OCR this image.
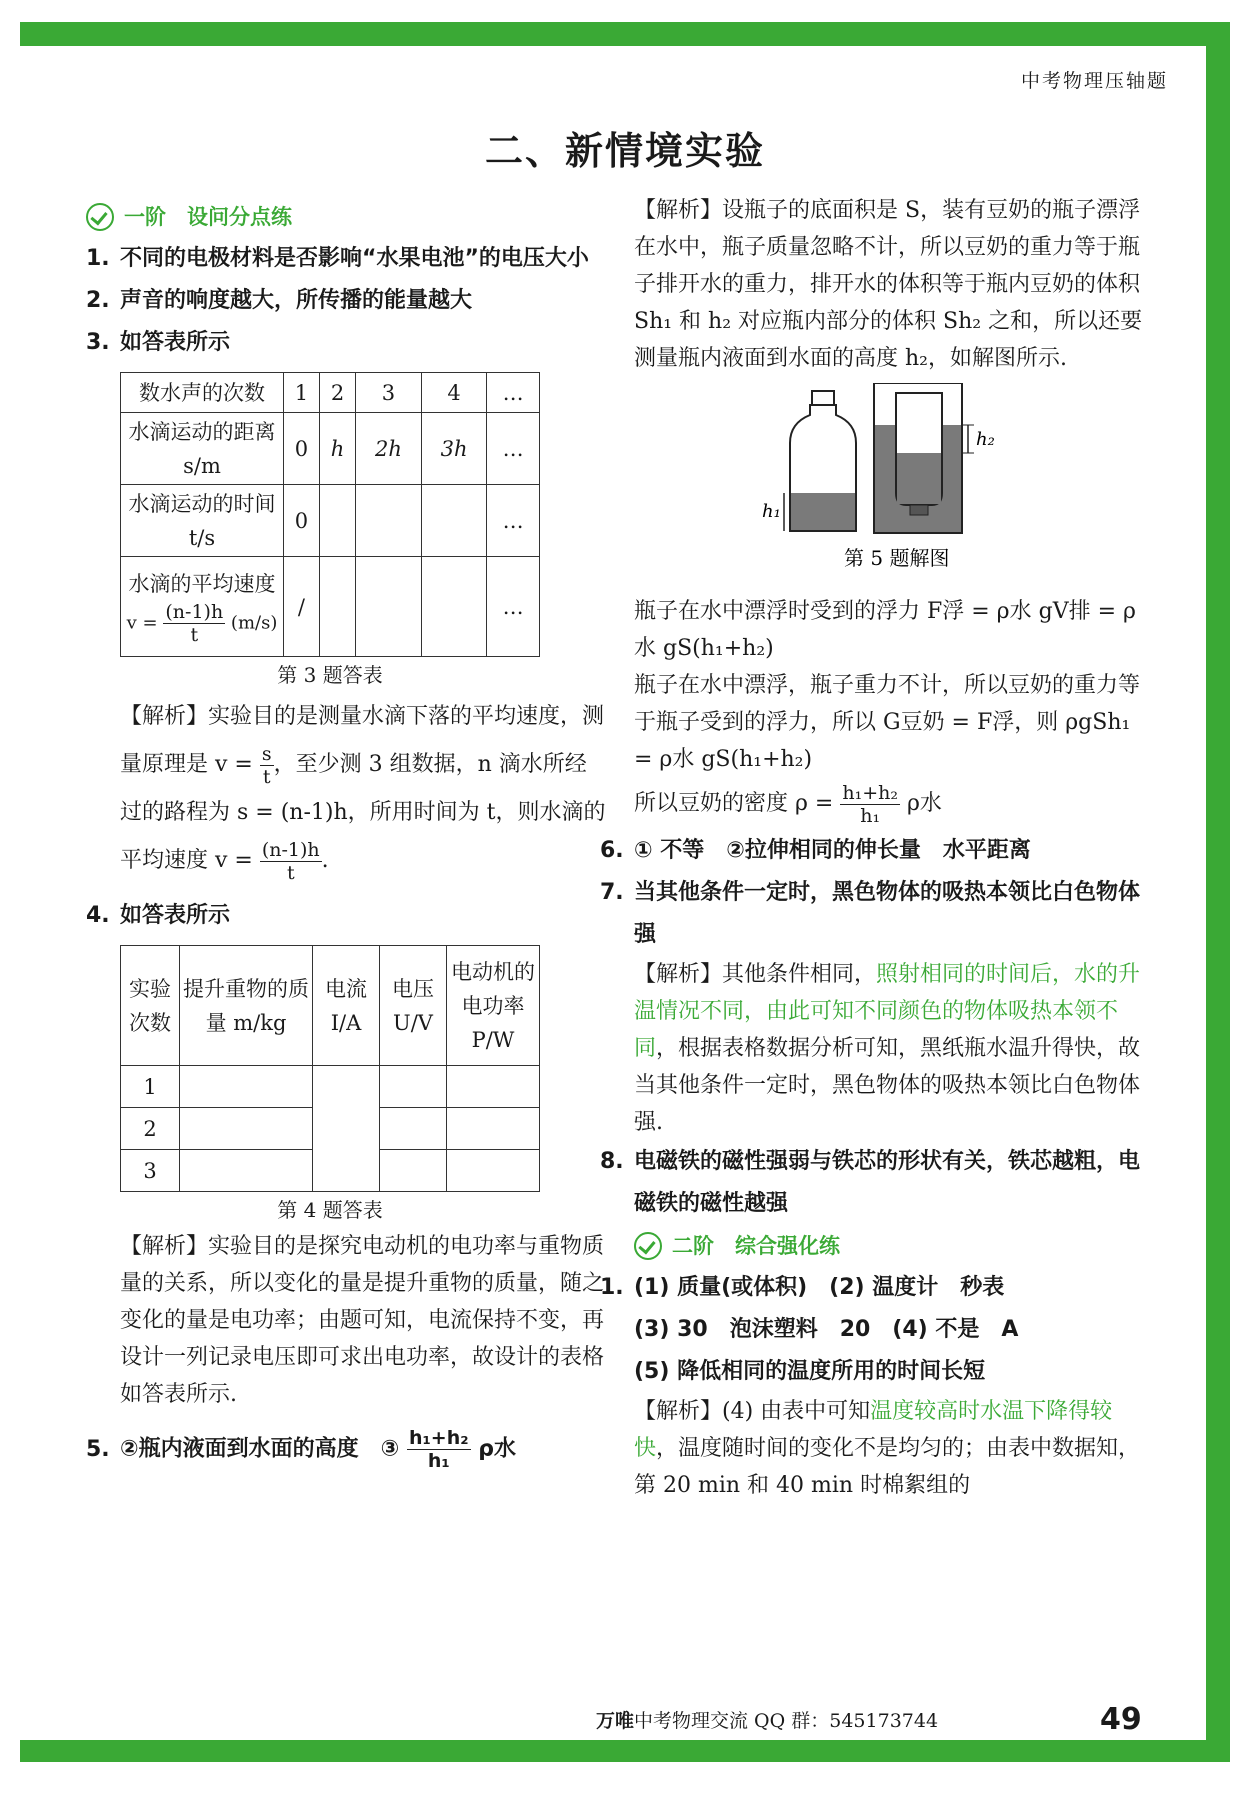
中考物理压轴题
二、新情境实验
一阶　设问分点练
1. 不同的电极材料是否影响“水果电池”的电压大小
2. 声音的响度越大，所传播的能量越大
3. 如答表所示
数水声的次数	1	2	3	4	…
水滴运动的距离 s/m	0	h	2h	3h	…
水滴运动的时间 t/s	0				…

水滴的平均速度
$v = \frac{(n-1)h}{t} (m/s)$	/				…
第 3 题答表
【解析】实验目的是测量水滴下落的平均速度，测量原理是 $v = \frac{s}{t}$ ，至少测 3 组数据，n 滴水所经过的路程为 s = (n-1)h，所用时间为 t，则水滴的平均速度 $v = \frac{(n-1)h}{t}$ .
4. 如答表所示
实验次数	提升重物的质量 m/kg	电流 I/A	电压 U/V	电动机的电功率 P/W
1				
2				
3				
第 4 题答表
【解析】实验目的是探究电动机的电功率与重物质量的关系，所以变化的量是提升重物的质量，随之变化的量是电功率；由题可知，电流保持不变，再设计一列记录电压即可求出电功率，故设计的表格如答表所示.
5. ②瓶内液面到水面的高度　③ $\frac{\text{h₁+h₂}}{\text{h₁}}$ ρ水
【解析】设瓶子的底面积是 S，装有豆奶的瓶子漂浮在水中，瓶子质量忽略不计，所以豆奶的重力等于瓶子排开水的重力，排开水的体积等于瓶内豆奶的体积 Sh₁ 和 h₂ 对应瓶内部分的体积 Sh₂ 之和，所以还要测量瓶内液面到水面的高度 h₂，如解图所示.
h₁
h₂
第 5 题解图
瓶子在水中漂浮时受到的浮力 F浮 = ρ水 gV排 = ρ水 gS(h₁+h₂)
瓶子在水中漂浮，瓶子重力不计，所以豆奶的重力等于瓶子受到的浮力，所以 G豆奶 = F浮，则 ρgSh₁ = ρ水 gS(h₁+h₂)
所以豆奶的密度 $\rho = \frac{\text{h₁+h₂}}{\text{h₁}}$ ρ水
6. ① 不等　②拉伸相同的伸长量　水平距离
7. 当其他条件一定时，黑色物体的吸热本领比白色物体强
【解析】其他条件相同，照射相同的时间后，水的升温情况不同，由此可知不同颜色的物体吸热本领不同，根据表格数据分析可知，黑纸瓶水温升得快，故当其他条件一定时，黑色物体的吸热本领比白色物体强.
8. 电磁铁的磁性强弱与铁芯的形状有关，铁芯越粗，电磁铁的磁性越强
二阶　综合强化练
1. (1) 质量(或体积)　(2) 温度计　秒表
(3) 30　泡沫塑料　20　(4) 不是　A
(5) 降低相同的温度所用的时间长短
【解析】(4) 由表中可知温度较高时水温下降得较快，温度随时间的变化不是均匀的；由表中数据知，第 20 min 和 40 min 时棉絮组的
万唯中考物理交流 QQ 群：545173744	49
